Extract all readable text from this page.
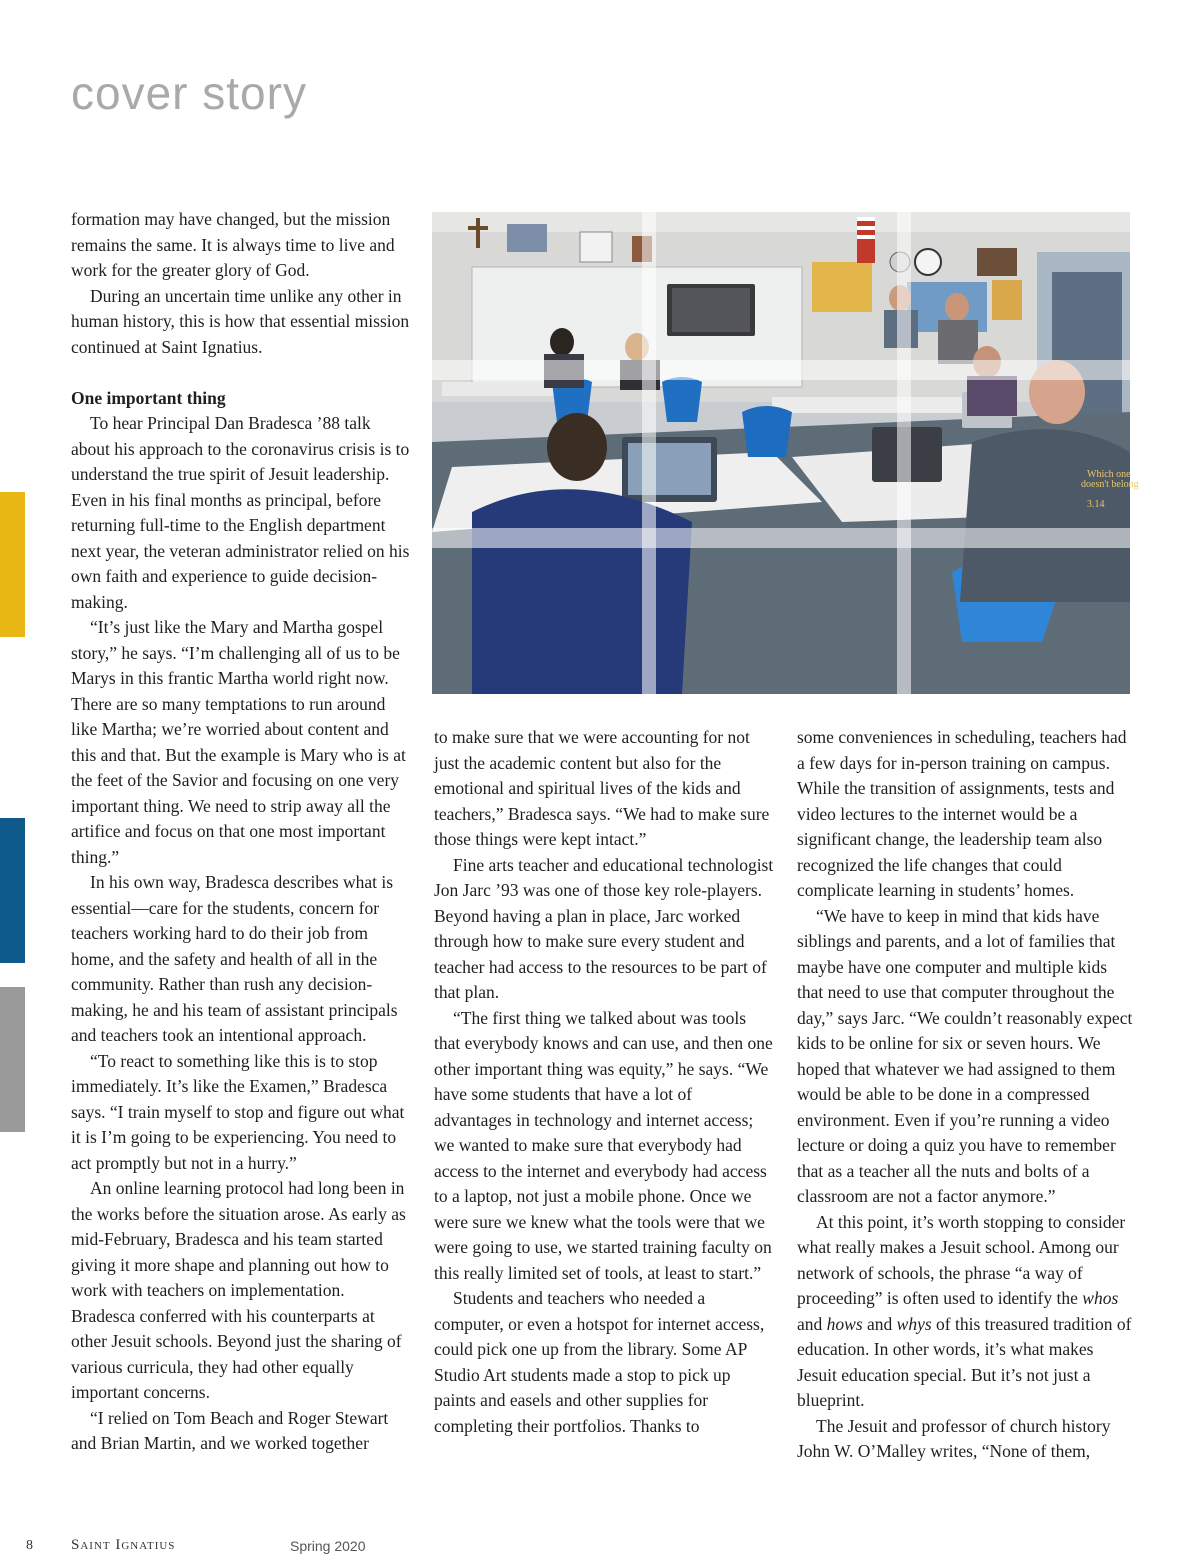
cover story

formation may have changed, but the mission remains the same. It is always time to live and work for the greater glory of God.

During an uncertain time unlike any other in human history, this is how that essential mission continued at Saint Ignatius.

One important thing

To hear Principal Dan Bradesca ’88 talk about his approach to the coronavirus crisis is to understand the true spirit of Jesuit leadership. Even in his final months as principal, before returning full-time to the English department next year, the veteran administrator relied on his own faith and experience to guide decision-making.

“It’s just like the Mary and Martha gospel story,” he says. “I’m challenging all of us to be Marys in this frantic Martha world right now. There are so many temptations to run around like Martha; we’re worried about content and this and that. But the example is Mary who is at the feet of the Savior and focusing on one very important thing. We need to strip away all the artifice and focus on that one most important thing.”

In his own way, Bradesca describes what is essential—care for the students, concern for teachers working hard to do their job from home, and the safety and health of all in the community. Rather than rush any decision-making, he and his team of assistant principals and teachers took an intentional approach.

“To react to something like this is to stop immediately. It’s like the Examen,” Bradesca says. “I train myself to stop and figure out what it is I’m going to be experiencing. You need to act promptly but not in a hurry.”

An online learning protocol had long been in the works before the situation arose. As early as mid-February, Bradesca and his team started giving it more shape and planning out how to work with teachers on implementation. Bradesca conferred with his counterparts at other Jesuit schools. Beyond just the sharing of various curricula, they had other equally important concerns.

“I relied on Tom Beach and Roger Stewart and Brian Martin, and we worked together

Which one
doesn't belong
3.14

to make sure that we were accounting for not just the academic content but also for the emotional and spiritual lives of the kids and teachers,” Bradesca says. “We had to make sure those things were kept intact.”

Fine arts teacher and educational technologist Jon Jarc ’93 was one of those key role-players. Beyond having a plan in place, Jarc worked through how to make sure every student and teacher had access to the resources to be part of that plan.

“The first thing we talked about was tools that everybody knows and can use, and then one other important thing was equity,” he says. “We have some students that have a lot of advantages in technology and internet access; we wanted to make sure that everybody had access to the internet and everybody had access to a laptop, not just a mobile phone. Once we were sure we knew what the tools were that we were going to use, we started training faculty on this really limited set of tools, at least to start.”

Students and teachers who needed a computer, or even a hotspot for internet access, could pick one up from the library. Some AP Studio Art students made a stop to pick up paints and easels and other supplies for completing their portfolios. Thanks to

some conveniences in scheduling, teachers had a few days for in-person training on campus. While the transition of assignments, tests and video lectures to the internet would be a significant change, the leadership team also recognized the life changes that could complicate learning in students’ homes.

“We have to keep in mind that kids have siblings and parents, and a lot of families that maybe have one computer and multiple kids that need to use that computer throughout the day,” says Jarc. “We couldn’t reasonably expect kids to be online for six or seven hours. We hoped that whatever we had assigned to them would be able to be done in a compressed environment. Even if you’re running a video lecture or doing a quiz you have to remember that as a teacher all the nuts and bolts of a classroom are not a factor anymore.”

At this point, it’s worth stopping to consider what really makes a Jesuit school. Among our network of schools, the phrase “a way of proceeding” is often used to identify the whos and hows and whys of this treasured tradition of education. In other words, it’s what makes Jesuit education special. But it’s not just a blueprint.

The Jesuit and professor of church history John W. O’Malley writes, “None of them,

8	Saint Ignatius	Spring 2020
